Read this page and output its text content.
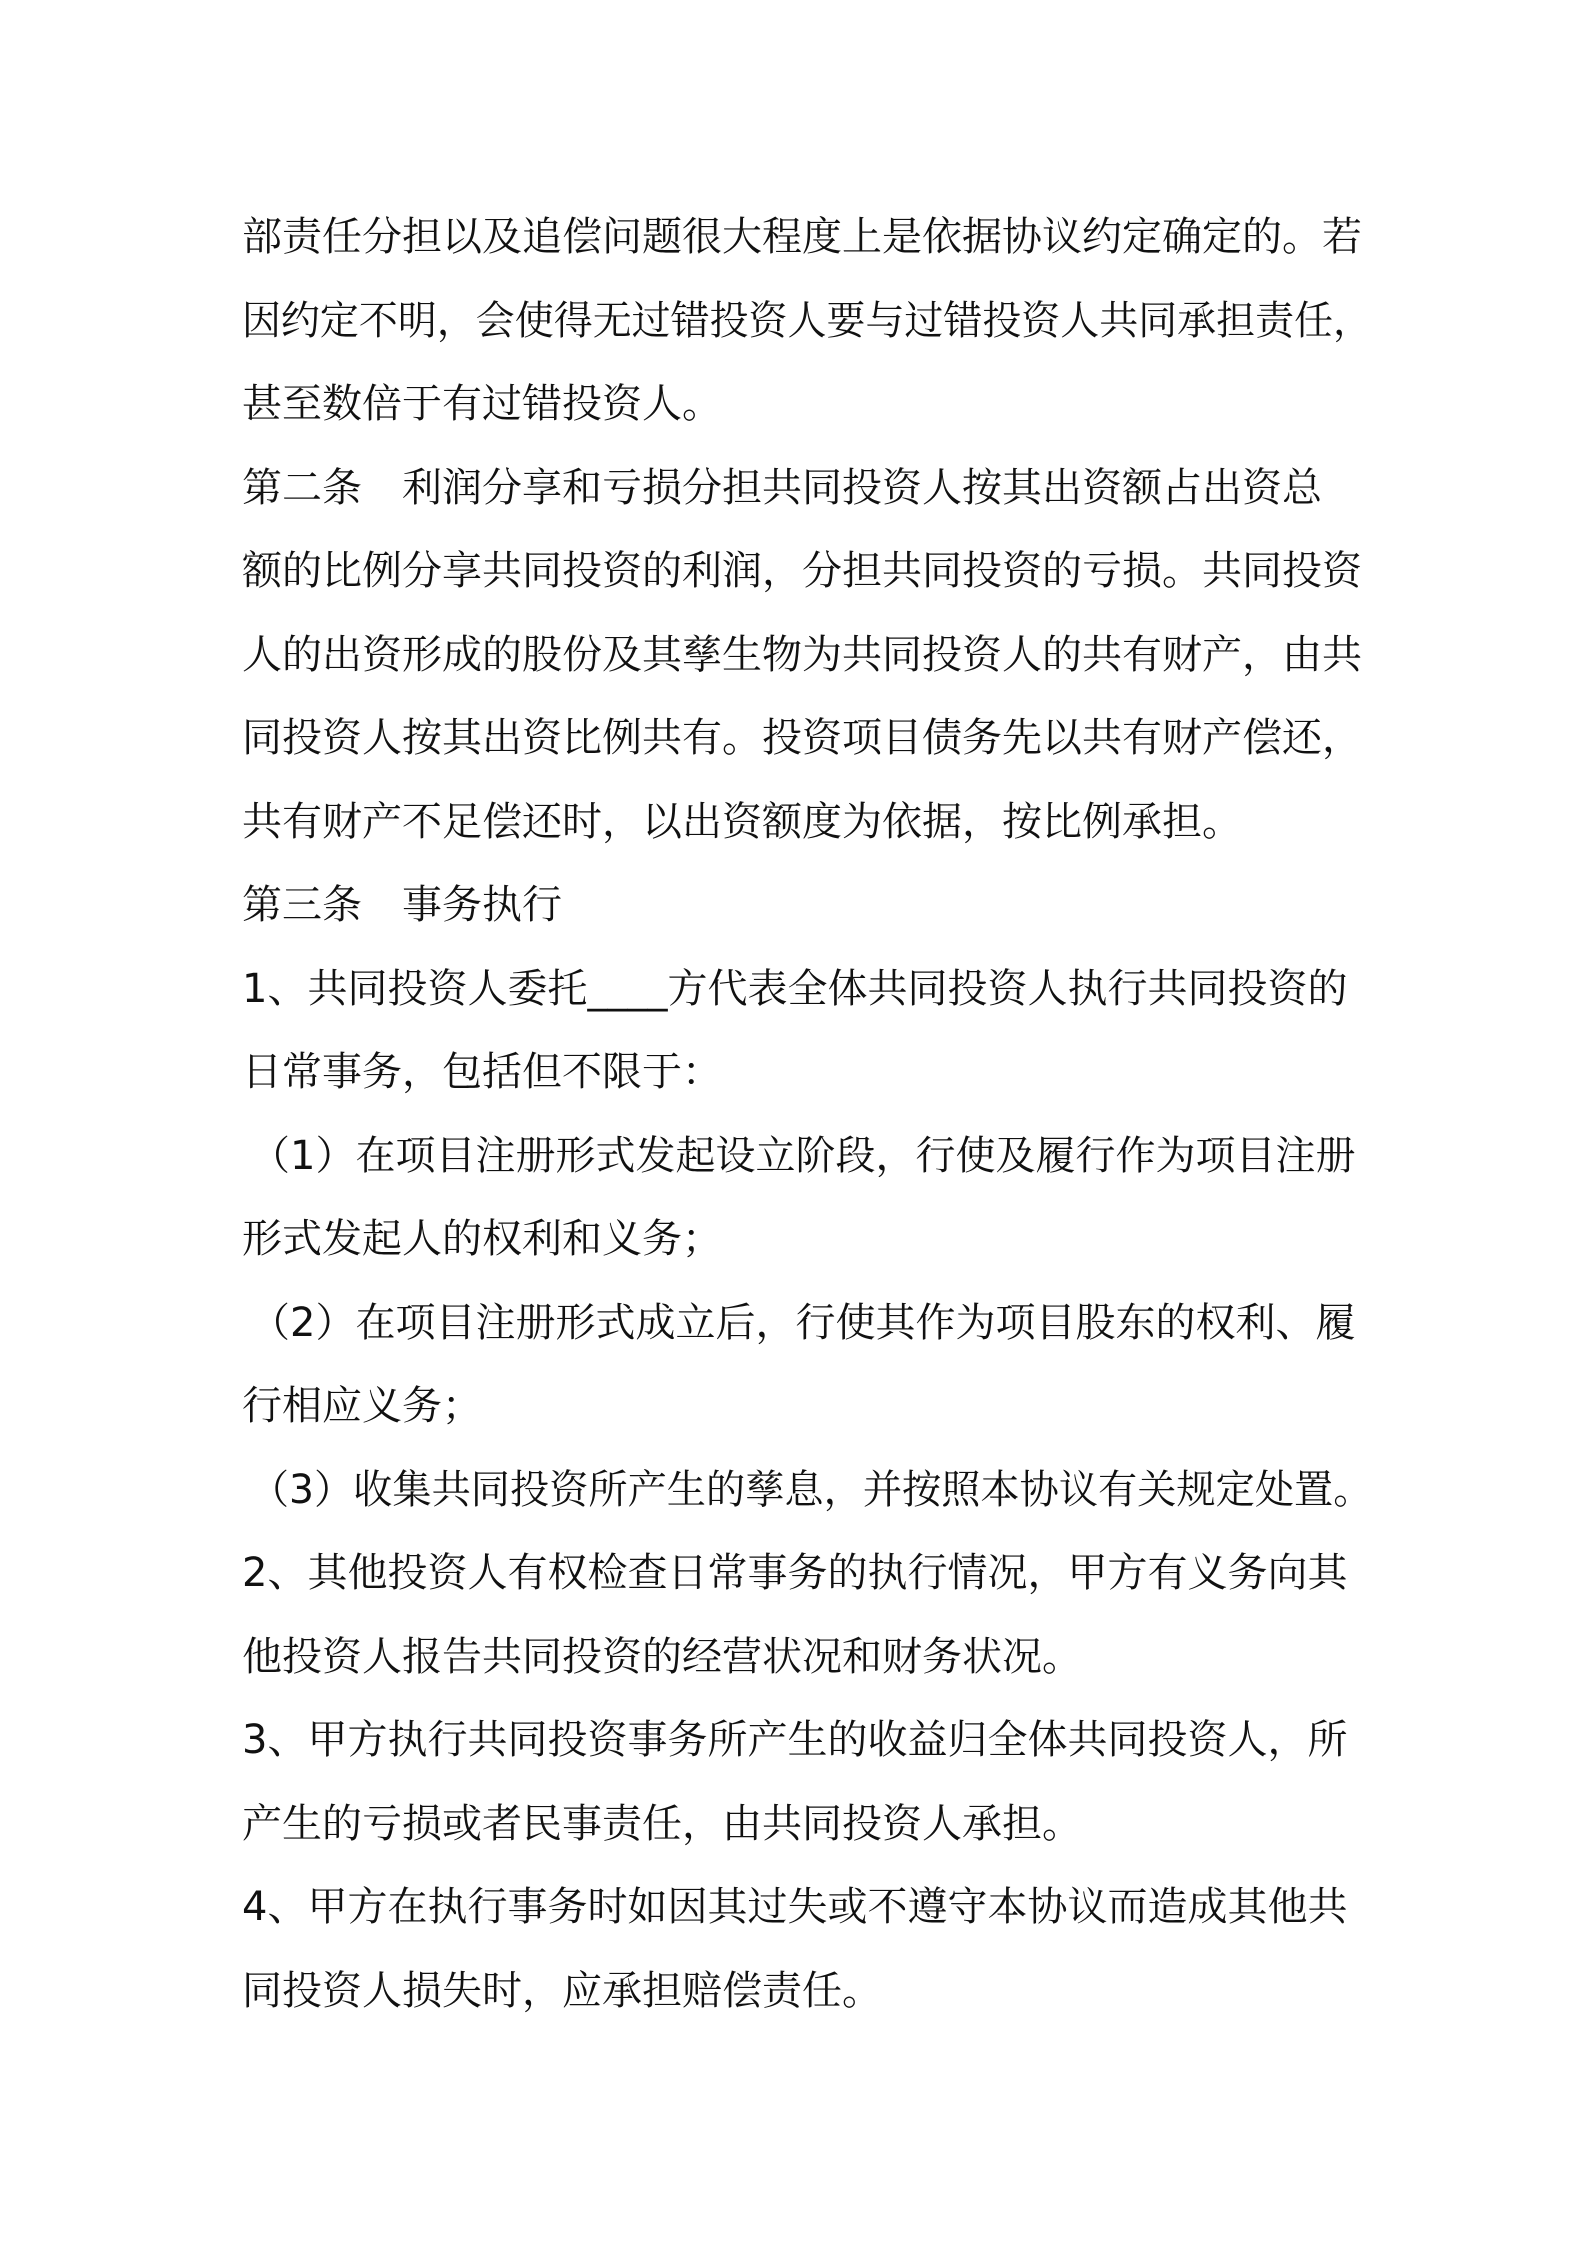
部责任分担以及追偿问题很大程度上是依据协议约定确定的。若
因约定不明，会使得无过错投资人要与过错投资人共同承担责任，
甚至数倍于有过错投资人。
第二条　利润分享和亏损分担共同投资人按其出资额占出资总
额的比例分享共同投资的利润，分担共同投资的亏损。共同投资
人的出资形成的股份及其孳生物为共同投资人的共有财产，由共
同投资人按其出资比例共有。投资项目债务先以共有财产偿还，
共有财产不足偿还时，以出资额度为依据，按比例承担。
第三条　事务执行
1、共同投资人委托____方代表全体共同投资人执行共同投资的
日常事务，包括但不限于：
（1）在项目注册形式发起设立阶段，行使及履行作为项目注册
形式发起人的权利和义务；
（2）在项目注册形式成立后，行使其作为项目股东的权利、履
行相应义务；
（3）收集共同投资所产生的孳息，并按照本协议有关规定处置。
2、其他投资人有权检查日常事务的执行情况，甲方有义务向其
他投资人报告共同投资的经营状况和财务状况。
3、甲方执行共同投资事务所产生的收益归全体共同投资人，所
产生的亏损或者民事责任，由共同投资人承担。
4、甲方在执行事务时如因其过失或不遵守本协议而造成其他共
同投资人损失时，应承担赔偿责任。
